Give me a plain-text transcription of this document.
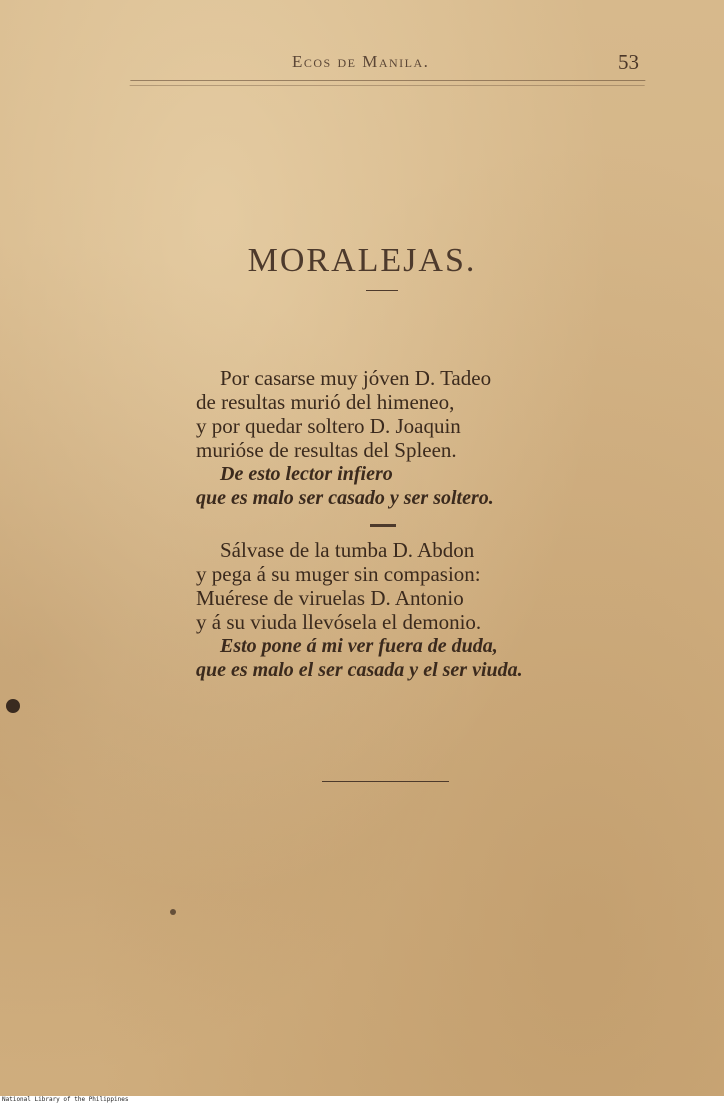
Ecos de Manila.	53
MORALEJAS.
Por casarse muy jóven D. Tadeo
de resultas murió del himeneo,
y por quedar soltero D. Joaquin
murióse de resultas del Spleen.
De esto lector infiero
que es malo ser casado y ser soltero.
Sálvase de la tumba D. Abdon
y pega á su muger sin compasion:
Muérese de viruelas D. Antonio
y á su viuda llevósela el demonio.
Esto pone á mi ver fuera de duda,
que es malo el ser casada y el ser viuda.
National Library of the Philippines
